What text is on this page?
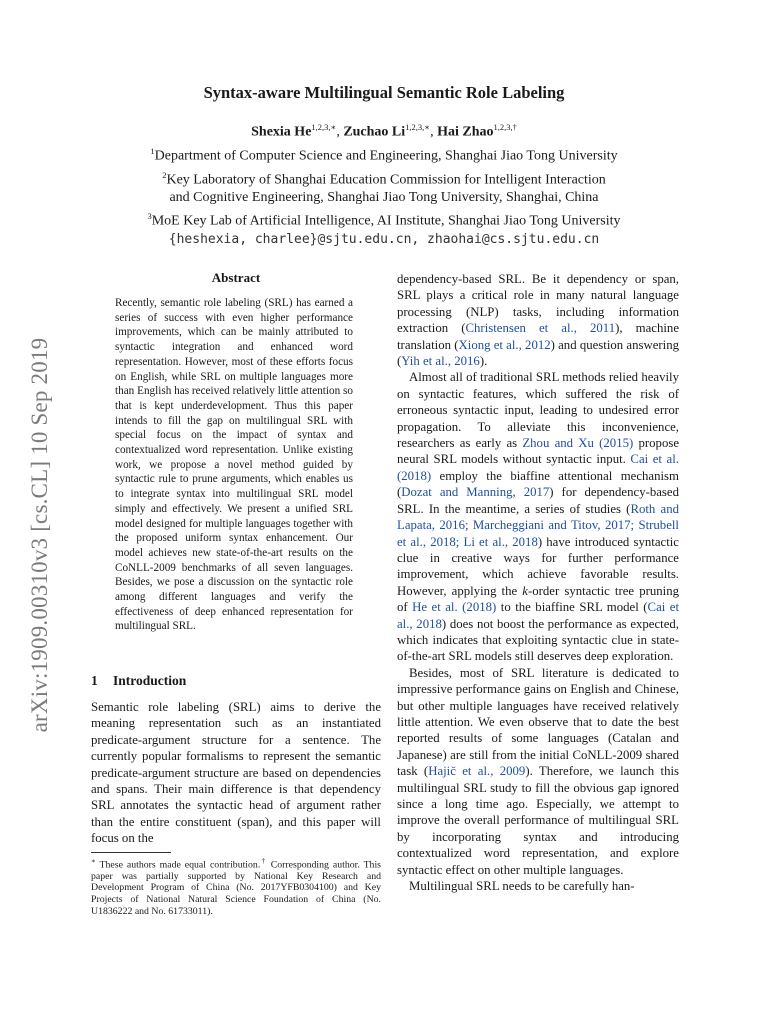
arXiv:1909.00310v3 [cs.CL] 10 Sep 2019
Syntax-aware Multilingual Semantic Role Labeling
Shexia $He^{1,2,3,∗}$, Zuchao $Li^{1,2,3,∗}$, Hai Zhao$^{1,2,3,\dagger}$
$^1$Department of Computer Science and Engineering, Shanghai Jiao Tong University
$^2$Key Laboratory of Shanghai Education Commission for Intelligent Interaction
and Cognitive Engineering, Shanghai Jiao Tong University, Shanghai, China
$^3$MoE Key Lab of Artificial Intelligence, AI Institute, Shanghai Jiao Tong University
{heshexia, charlee}@sjtu.edu.cn, zhaohai@cs.sjtu.edu.cn
Abstract
Recently, semantic role labeling (SRL) has earned a series of success with even higher performance improvements, which can be mainly attributed to syntactic integration and enhanced word representation. However, most of these efforts focus on English, while SRL on multiple languages more than English has received relatively little attention so that is kept underdevelopment. Thus this paper intends to fill the gap on multilingual SRL with special focus on the impact of syntax and contextualized word representation. Unlike existing work, we propose a novel method guided by syntactic rule to prune arguments, which enables us to integrate syntax into multilingual SRL model simply and effectively. We present a unified SRL model designed for multiple languages together with the proposed uniform syntax enhancement. Our model achieves new state-of-the-art results on the CoNLL-2009 benchmarks of all seven languages. Besides, we pose a discussion on the syntactic role among different languages and verify the effectiveness of deep enhanced representation for multilingual SRL.
1 Introduction
Semantic role labeling (SRL) aims to derive the meaning representation such as an instantiated predicate-argument structure for a sentence. The currently popular formalisms to represent the semantic predicate-argument structure are based on dependencies and spans. Their main difference is that dependency SRL annotates the syntactic head of argument rather than the entire constituent (span), and this paper will focus on the
∗ These authors made equal contribution.† Corresponding author. This paper was partially supported by National Key Research and Development Program of China (No. 2017YFB0304100) and Key Projects of National Natural Science Foundation of China (No. U1836222 and No. 61733011).

dependency-based SRL. Be it dependency or span, SRL plays a critical role in many natural language processing (NLP) tasks, including information extraction (Christensen et al., 2011), machine translation (Xiong et al., 2012) and question answering (Yih et al., 2016).

Almost all of traditional SRL methods relied heavily on syntactic features, which suffered the risk of erroneous syntactic input, leading to undesired error propagation. To alleviate this inconvenience, researchers as early as Zhou and Xu (2015) propose neural SRL models without syntactic input. Cai et al. (2018) employ the biaffine attentional mechanism (Dozat and Manning, 2017) for dependency-based SRL. In the meantime, a series of studies (Roth and Lapata, 2016; Marcheggiani and Titov, 2017; Strubell et al., 2018; Li et al., 2018) have introduced syntactic clue in creative ways for further performance improvement, which achieve favorable results. However, applying the k-order syntactic tree pruning of He et al. (2018) to the biaffine SRL model (Cai et al., 2018) does not boost the performance as expected, which indicates that exploiting syntactic clue in state-of-the-art SRL models still deserves deep exploration.

Besides, most of SRL literature is dedicated to impressive performance gains on English and Chinese, but other multiple languages have received relatively little attention. We even observe that to date the best reported results of some languages (Catalan and Japanese) are still from the initial CoNLL-2009 shared task (Hajič et al., 2009). Therefore, we launch this multilingual SRL study to fill the obvious gap ignored since a long time ago. Especially, we attempt to improve the overall performance of multilingual SRL by incorporating syntax and introducing contextualized word representation, and explore syntactic effect on other multiple languages.

Multilingual SRL needs to be carefully han-
